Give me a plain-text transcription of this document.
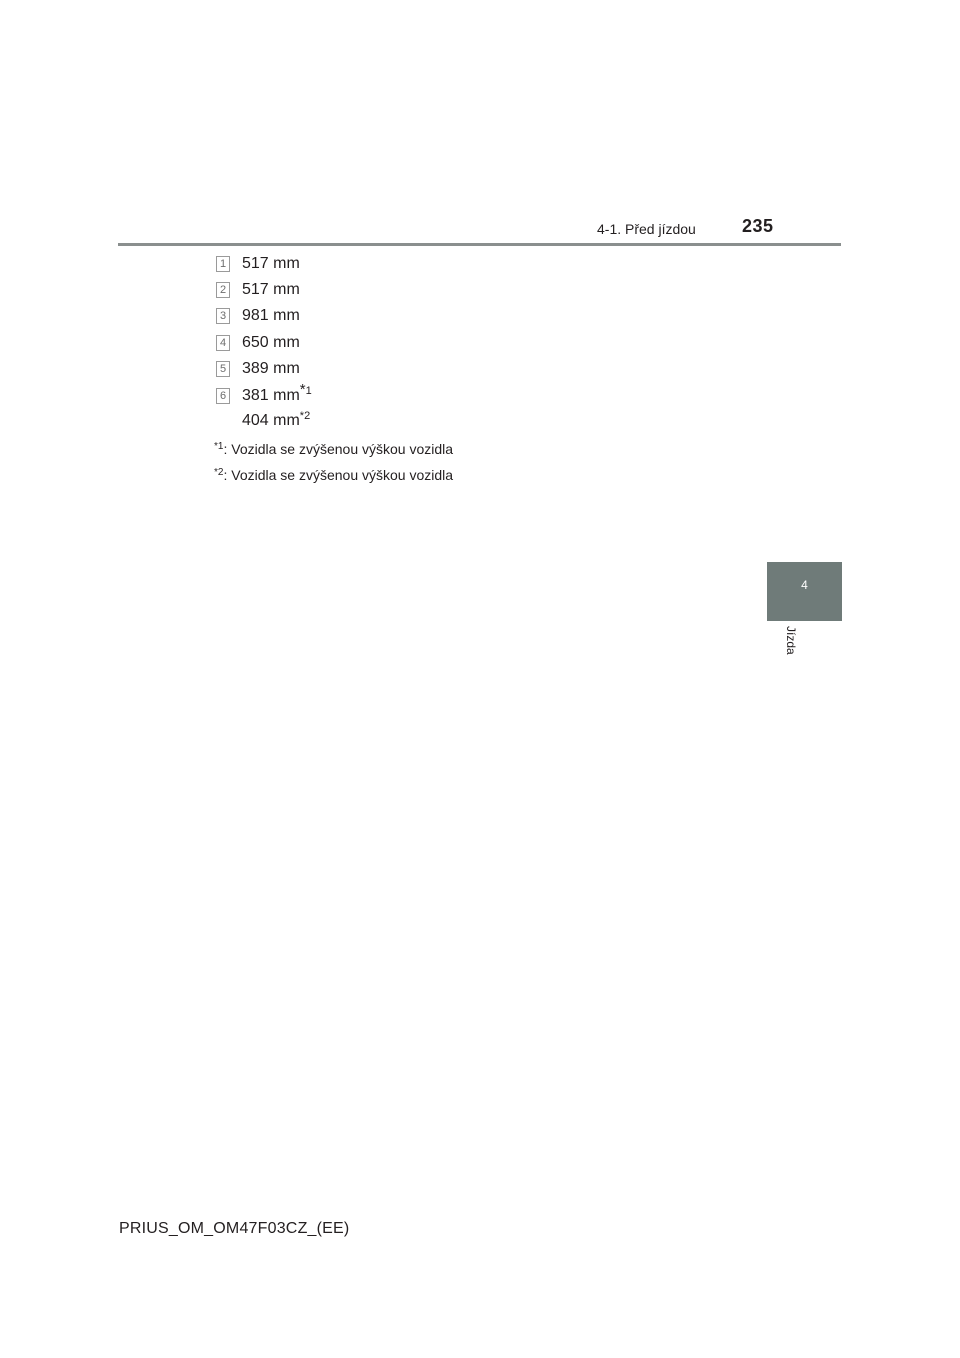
4-1. Před jízdou	235
1 517 mm
2 517 mm
3 981 mm
4 650 mm
5 389 mm
6 381 $mm^{*1}$
404 $mm^{*2}$
$^{*1}$: Vozidla se zvýšenou výškou vozidla
$^{*2}$: Vozidla se zvýšenou výškou vozidla
4
Jízda
PRIUS_OM_OM47F03CZ_(EE)
